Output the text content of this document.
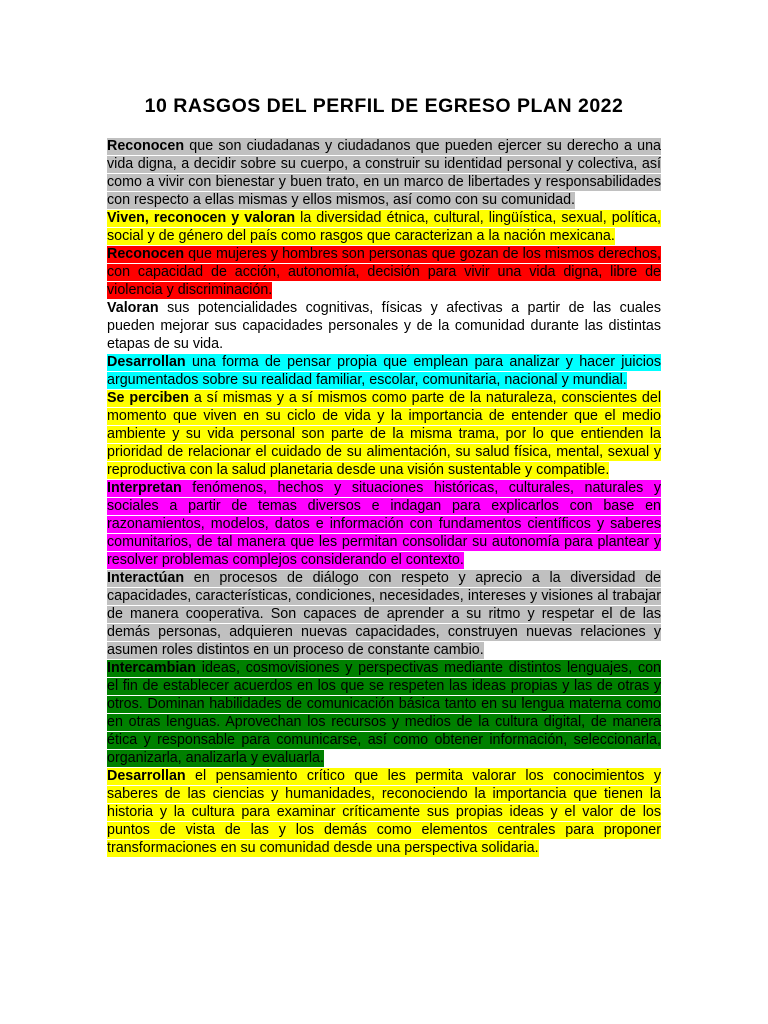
10 RASGOS DEL PERFIL DE EGRESO PLAN 2022

Reconocen que son ciudadanas y ciudadanos que pueden ejercer su derecho a una vida digna, a decidir sobre su cuerpo, a construir su identidad personal y colectiva, así como a vivir con bienestar y buen trato, en un marco de libertades y responsabilidades con respecto a ellas mismas y ellos mismos, así como con su comunidad.

Viven, reconocen y valoran la diversidad étnica, cultural, lingüística, sexual, política, social y de género del país como rasgos que caracterizan a la nación mexicana.

Reconocen que mujeres y hombres son personas que gozan de los mismos derechos, con capacidad de acción, autonomía, decisión para vivir una vida digna, libre de violencia y discriminación.

Valoran sus potencialidades cognitivas, físicas y afectivas a partir de las cuales pueden mejorar sus capacidades personales y de la comunidad durante las distintas etapas de su vida.

Desarrollan una forma de pensar propia que emplean para analizar y hacer juicios argumentados sobre su realidad familiar, escolar, comunitaria, nacional y mundial.

Se perciben a sí mismas y a sí mismos como parte de la naturaleza, conscientes del momento que viven en su ciclo de vida y la importancia de entender que el medio ambiente y su vida personal son parte de la misma trama, por lo que entienden la prioridad de relacionar el cuidado de su alimentación, su salud física, mental, sexual y reproductiva con la salud planetaria desde una visión sustentable y compatible.

Interpretan fenómenos, hechos y situaciones históricas, culturales, naturales y sociales a partir de temas diversos e indagan para explicarlos con base en razonamientos, modelos, datos e información con fundamentos científicos y saberes comunitarios, de tal manera que les permitan consolidar su autonomía para plantear y resolver problemas complejos considerando el contexto.

Interactúan en procesos de diálogo con respeto y aprecio a la diversidad de capacidades, características, condiciones, necesidades, intereses y visiones al trabajar de manera cooperativa. Son capaces de aprender a su ritmo y respetar el de las demás personas, adquieren nuevas capacidades, construyen nuevas relaciones y asumen roles distintos en un proceso de constante cambio.

Intercambian ideas, cosmovisiones y perspectivas mediante distintos lenguajes, con el fin de establecer acuerdos en los que se respeten las ideas propias y las de otras y otros. Dominan habilidades de comunicación básica tanto en su lengua materna como en otras lenguas. Aprovechan los recursos y medios de la cultura digital, de manera ética y responsable para comunicarse, así como obtener información, seleccionarla, organizarla, analizarla y evaluarla.

Desarrollan el pensamiento crítico que les permita valorar los conocimientos y saberes de las ciencias y humanidades, reconociendo la importancia que tienen la historia y la cultura para examinar críticamente sus propias ideas y el valor de los puntos de vista de las y los demás como elementos centrales para proponer transformaciones en su comunidad desde una perspectiva solidaria.
